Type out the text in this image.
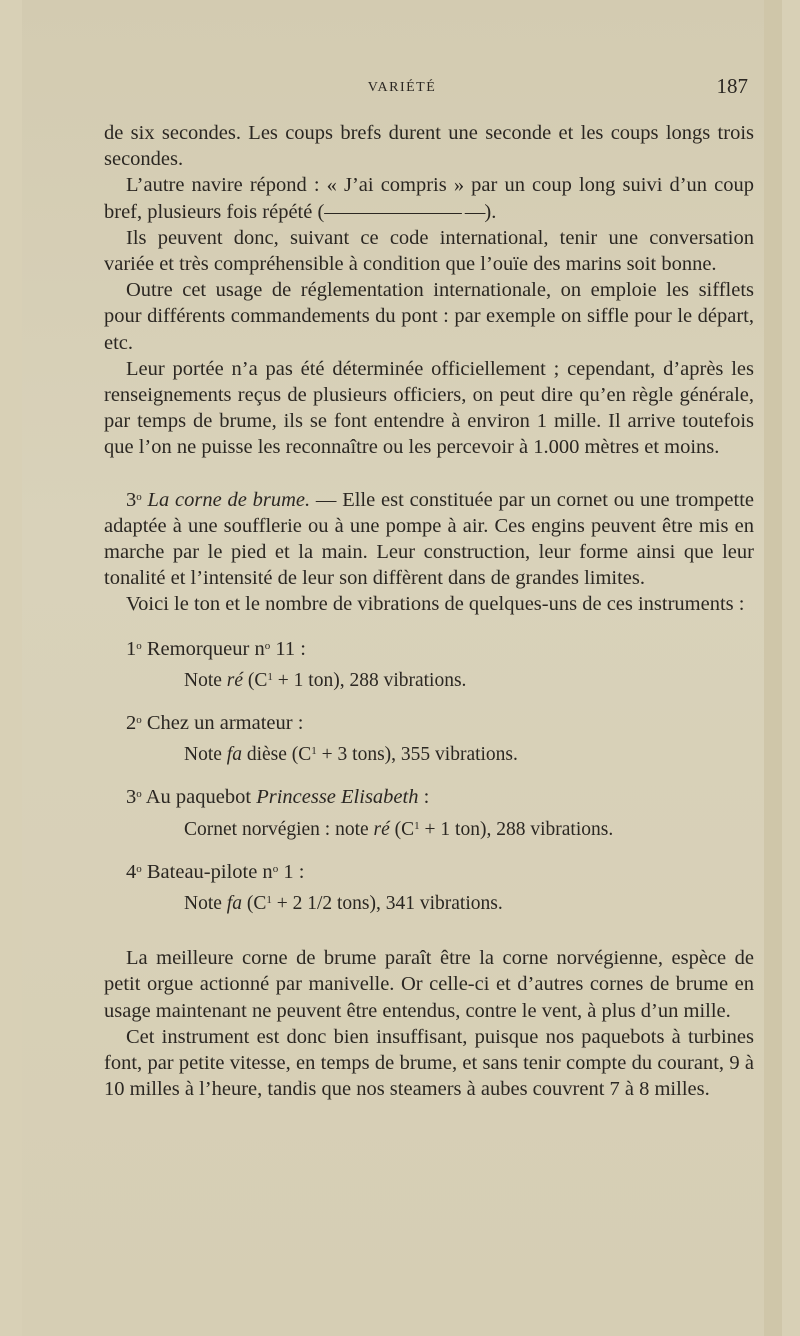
VARIÉTÉ	187

de six secondes. Les coups brefs durent une seconde et les coups longs trois secondes.

L’autre navire répond : « J’ai compris » par un coup long suivi d’un coup bref, plusieurs fois répété (——————— —).

Ils peuvent donc, suivant ce code international, tenir une conversation variée et très compréhensible à condition que l’ouïe des marins soit bonne.

Outre cet usage de réglementation internationale, on emploie les sifflets pour différents commandements du pont : par exemple on siffle pour le départ, etc.

Leur portée n’a pas été déterminée officiellement ; cependant, d’après les renseignements reçus de plusieurs officiers, on peut dire qu’en règle générale, par temps de brume, ils se font entendre à environ 1 mille. Il arrive toutefois que l’on ne puisse les reconnaître ou les percevoir à 1.000 mètres et moins.

3$^o$ La corne de brume. — Elle est constituée par un cornet ou une trompette adaptée à une soufflerie ou à une pompe à air. Ces engins peuvent être mis en marche par le pied et la main. Leur construction, leur forme ainsi que leur tonalité et l’intensité de leur son diffèrent dans de grandes limites.

Voici le ton et le nombre de vibrations de quelques-uns de ces instruments :

1$^o$ Remorqueur $n^o$ 11 :

Note ré ($C^1 + 1$ ton), 288 vibrations.

2$^o$ Chez un armateur :

Note fa dièse ($C^1 + 3$ tons), 355 vibrations.

3$^o$ Au paquebot Princesse Elisabeth :

Cornet norvégien : note ré ($C^1 + 1$ ton), 288 vibrations.

4$^o$ Bateau-pilote $n^o$ 1 :

Note fa ($C^1 + 2$ 1/2 tons), 341 vibrations.

La meilleure corne de brume paraît être la corne norvégienne, espèce de petit orgue actionné par manivelle. Or celle-ci et d’autres cornes de brume en usage maintenant ne peuvent être entendus, contre le vent, à plus d’un mille.

Cet instrument est donc bien insuffisant, puisque nos paquebots à turbines font, par petite vitesse, en temps de brume, et sans tenir compte du courant, 9 à 10 milles à l’heure, tandis que nos steamers à aubes couvrent 7 à 8 milles.
